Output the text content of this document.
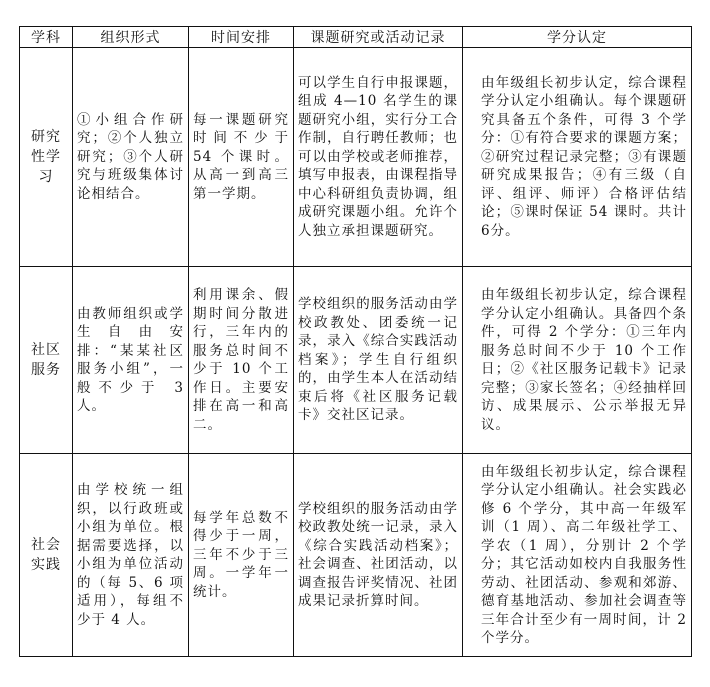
学科	组织形式	时间安排	课题研究或活动记录	学分认定
研究性学习	①小组合作研究；②个人独立研究；③个人研究与班级集体讨论相结合。	每一课题研究时间不少于 54 个课时。从高一到高三第一学期。	可以学生自行申报课题，组成 4—10 名学生的课题研究小组，实行分工合作制，自行聘任教师；也可以由学校或老师推荐，填写申报表，由课程指导中心科研组负责协调，组成研究课题小组。允许个人独立承担课题研究。	由年级组长初步认定，综合课程学分认定小组确认。每个课题研究具备五个条件，可得 3 个学分：①有符合要求的课题方案；②研究过程记录完整；③有课题研究成果报告；④有三级（自评、组评、师评）合格评估结论；⑤课时保证 54 课时。共计 6分。
社区服务	由教师组织或学生自由安排：“某某社区服务小组”，一般不少于 3 人。	利用课余、假期时间分散进行，三年内的服务总时间不少于 10 个工作日。主要安排在高一和高二。	学校组织的服务活动由学校政教处、团委统一记录，录入《综合实践活动档案》；学生自行组织的，由学生本人在活动结束后将《社区服务记载卡》交社区记录。	由年级组长初步认定，综合课程学分认定小组确认。具备四个条件，可得 2 个学分：①三年内服务总时间不少于 10 个工作日；②《社区服务记载卡》记录完整；③家长签名；④经抽样回访、成果展示、公示举报无异议。
社会实践	由学校统一组织，以行政班或小组为单位。根据需要选择，以小组为单位活动的（每 5、6 项适用），每组不少于 4 人。	每学年总数不得少于一周，三年不少于三周。一学年一统计。	学校组织的服务活动由学校政教处统一记录，录入《综合实践活动档案》；社会调查、社团活动，以调查报告评奖情况、社团成果记录折算时间。	由年级组长初步认定，综合课程学分认定小组确认。社会实践必修 6 个学分，其中高一年级军训（1 周）、高二年级社学工、学农（1 周），分别计 2 个学分；其它活动如校内自我服务性劳动、社团活动、参观和郊游、德育基地活动、参加社会调查等三年合计至少有一周时间，计 2 个学分。
